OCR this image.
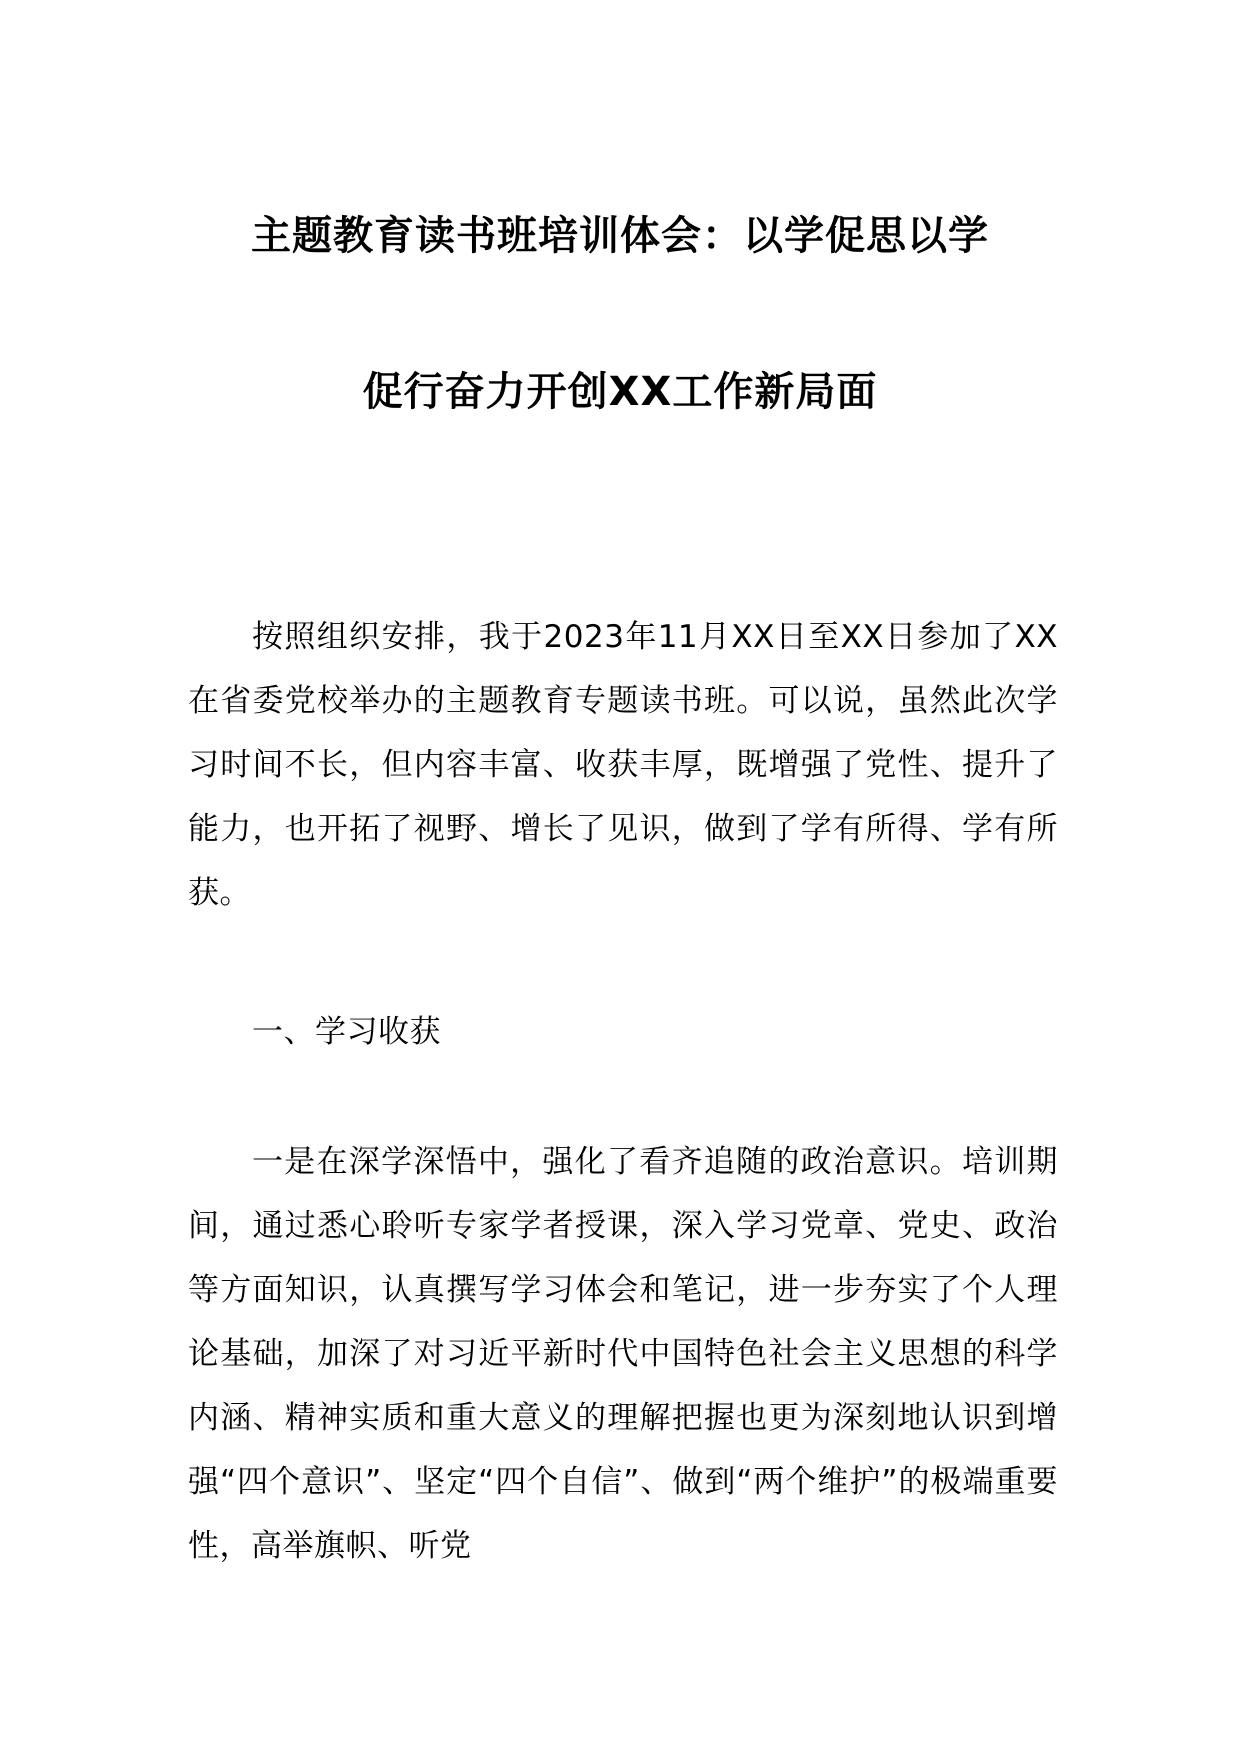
主题教育读书班培训体会：以学促思以学
促行奋力开创XX工作新局面

按照组织安排，我于2023年11月XX日至XX日参加了XX在省委党校举办的主题教育专题读书班。可以说，虽然此次学习时间不长，但内容丰富、收获丰厚，既增强了党性、提升了能力，也开拓了视野、增长了见识，做到了学有所得、学有所获。

一、学习收获

一是在深学深悟中，强化了看齐追随的政治意识。培训期间，通过悉心聆听专家学者授课，深入学习党章、党史、政治等方面知识，认真撰写学习体会和笔记，进一步夯实了个人理论基础，加深了对习近平新时代中国特色社会主义思想的科学内涵、精神实质和重大意义的理解把握也更为深刻地认识到增强“四个意识”、坚定“四个自信”、做到“两个维护”的极端重要性，高举旗帜、听党
